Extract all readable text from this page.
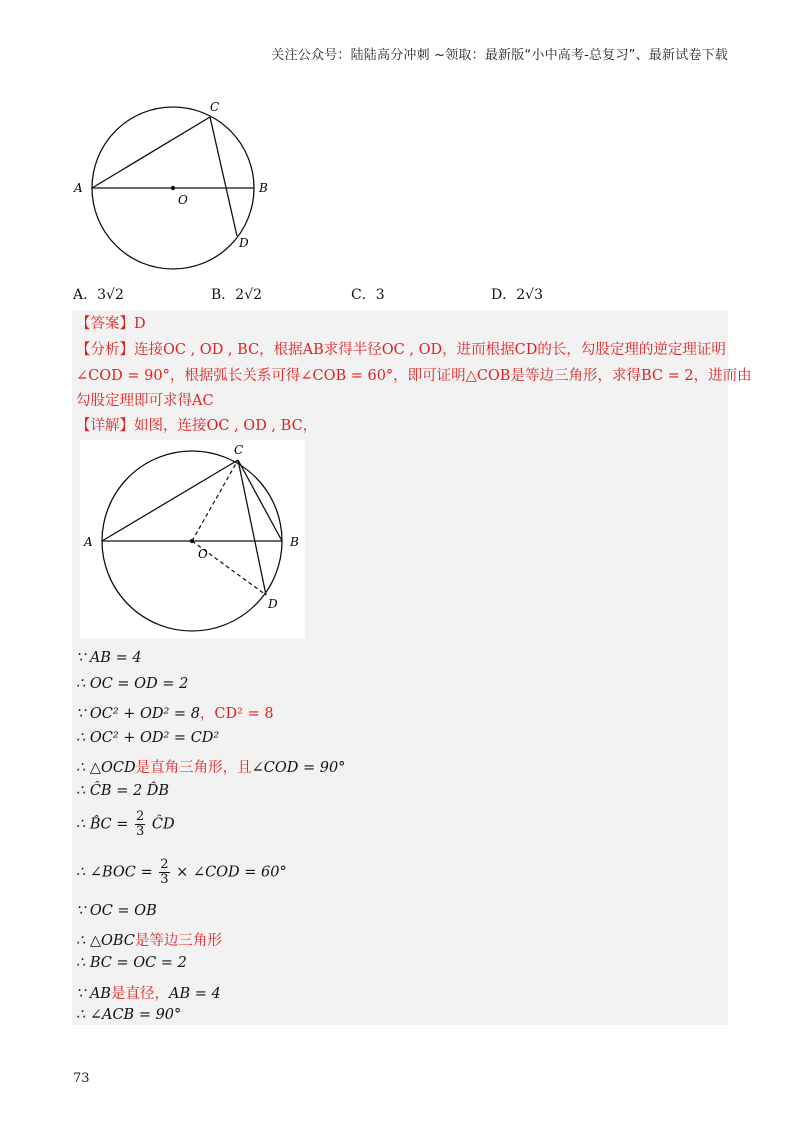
关注公众号：陆陆高分冲刺 ~领取：最新版“小中高考-总复习”、最新试卷下载
C
A	B
O
D
A．3√2	B．2√2	C．3	D．2√3
【答案】D
【分析】连接OC , OD , BC，根据AB求得半径OC , OD，进而根据CD的长，勾股定理的逆定理证明
∠COD = 90°，根据弧长关系可得∠COB = 60°，即可证明△COB是等边三角形，求得BC = 2，进而由
勾股定理即可求得AC
【详解】如图，连接OC , OD , BC，
C
A	B
O
D
∵ AB = 4
∴ OC = OD = 2
∵ OC² + OD² = 8，CD² = 8
∴ OC² + OD² = CD²
∴ △OCD是直角三角形，且∠COD = 90°
∴ ĈB = 2 D̂B
∴ B̂C = $\frac{2}{3}$ ĈD
∴ ∠BOC = $\frac{2}{3}$ × ∠COD = 60°
∵ OC = OB
∴ △OBC是等边三角形
∴ BC = OC = 2
∵ AB是直径，AB = 4
∴ ∠ACB = 90°
73
